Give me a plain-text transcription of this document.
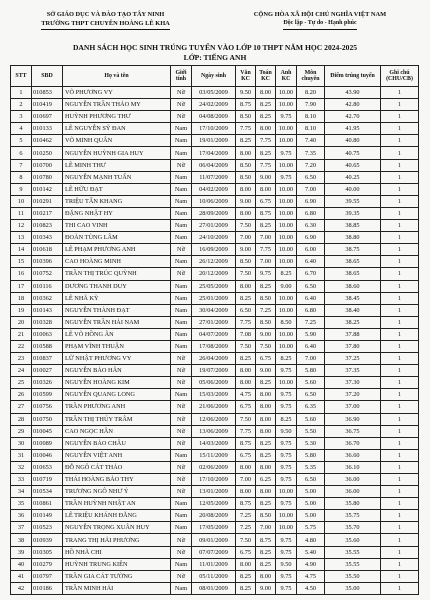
SỞ GIÁO DỤC VÀ ĐÀO TẠO TÂY NINH
TRƯỜNG THPT CHUYÊN HOÀNG LÊ KHA
CỘNG HÒA XÃ HỘI CHỦ NGHĨA VIỆT NAM
Độc lập - Tự do - Hạnh phúc
DANH SÁCH HỌC SINH TRÚNG TUYỂN VÀO LỚP 10 THPT NĂM HỌC 2024-2025
LỚP: TIẾNG ANH
STT	SBD	Họ và tên	Giới tính	Ngày sinh	Văn KC	Toán KC	Anh KC	Môn chuyên	Điểm trúng tuyển	Ghi chú (CHU/CB)
1	010853	VÕ PHƯƠNG VY	Nữ	03/05/2009	9.50	8.00	10.00	8.20	43.90	1
2	010419	NGUYỄN TRẦN THẢO MY	Nữ	24/02/2009	8.75	8.25	10.00	7.90	42.80	1
3	010697	HUỲNH PHƯƠNG THƯ	Nữ	04/08/2009	8.50	8.25	9.75	8.10	42.70	1
4	010133	LÊ NGUYỄN SỸ ĐAN	Nam	17/10/2009	7.75	8.00	10.00	8.10	41.95	1
5	010462	VÕ MINH QUÂN	Nam	19/01/2009	8.25	7.75	10.00	7.40	40.80	1
6	010250	NGUYỄN HUỲNH GIA HUY	Nam	17/04/2009	8.00	8.25	9.75	7.35	40.75	1
7	010700	LÊ MINH THƯ	Nữ	06/04/2009	8.50	7.75	10.00	7.20	40.65	1
8	010780	NGUYỄN MẠNH TUẤN	Nam	11/07/2009	8.50	9.00	9.75	6.50	40.25	1
9	010142	LÊ HỮU ĐẠT	Nam	04/02/2009	8.00	8.00	10.00	7.00	40.00	1
10	010291	TRIỆU TẤN KHANG	Nam	10/06/2009	9.00	6.75	10.00	6.90	39.55	1
11	010217	ĐẶNG NHẬT HY	Nam	28/09/2009	8.00	8.75	10.00	6.80	39.35	1
12	010823	THI CAO VINH	Nam	27/01/2009	7.50	8.25	10.00	6.30	38.85	1
13	010343	ĐOÀN TÙNG LÂM	Nam	24/10/2009	7.00	7.00	10.00	6.90	38.80	1
14	010618	LÊ PHẠM PHƯƠNG ANH	Nữ	16/09/2009	9.00	7.75	10.00	6.00	38.75	1
15	010396	CAO HOÀNG MINH	Nam	26/12/2009	8.50	7.00	10.00	6.40	38.65	1
16	010752	TRẦN THỊ TRÚC QUỲNH	Nữ	20/12/2009	7.50	9.75	8.25	6.70	38.65	1
17	010116	DƯƠNG THANH DUY	Nam	25/05/2009	8.00	8.25	9.00	6.50	38.60	1
18	010362	LÊ NHÃ KỲ	Nam	25/01/2009	8.25	8.50	10.00	6.40	38.45	1
19	010143	NGUYỄN THÀNH ĐẠT	Nam	30/04/2009	6.50	7.25	10.00	6.80	38.40	1
20	010328	NGUYỄN TRẦN HẢI NAM	Nam	27/01/2009	7.75	8.50	8.50	7.25	38.25	1
21	010063	LÊ VÕ HỒNG ÂN	Nam	04/07/2009	7.08	9.00	10.00	5.90	37.88	1
22	010588	PHẠM VĨNH THUẬN	Nam	17/08/2009	7.50	7.50	10.00	6.40	37.80	1
23	010837	LỮ NHẬT PHƯƠNG VY	Nữ	26/04/2009	8.25	6.75	8.25	7.00	37.25	1
24	010027	NGUYỄN BẢO HÂN	Nữ	19/07/2009	8.00	9.00	9.75	5.80	37.35	1
25	010326	NGUYỄN HOÀNG KIM	Nữ	05/06/2009	8.00	8.25	10.00	5.60	37.30	1
26	010599	NGUYỄN QUANG LONG	Nam	15/03/2009	4.75	8.00	9.75	6.50	37.20	1
27	010756	TRẦN PHƯƠNG ANH	Nữ	21/06/2009	6.75	8.00	9.75	6.35	37.00	1
28	010750	TRẦN THỊ THÚY TRÂM	Nữ	12/06/2009	7.50	8.00	8.25	5.60	36.90	1
29	010045	CAO NGỌC HÂN	Nữ	13/06/2009	7.75	8.00	9.50	5.50	36.75	1
30	010089	NGUYỄN BẢO CHÂU	Nữ	14/03/2009	8.75	8.25	9.75	5.30	36.70	1
31	010046	NGUYỄN VIỆT ANH	Nam	15/11/2009	6.75	8.25	9.75	5.80	36.60	1
32	010653	ĐỖ NGÔ CÁT THẢO	Nữ	02/06/2009	8.00	8.00	9.75	5.35	36.10	1
33	010719	THÁI HOÀNG BẢO THY	Nữ	17/10/2009	7.00	6.25	9.75	6.50	36.00	1
34	010534	TRƯƠNG NGÔ NHƯ Ý	Nữ	13/01/2009	8.00	8.00	10.00	5.00	36.00	1
35	010861	TRẦN HUỲNH NHẬT AN	Nam	12/05/2009	8.75	8.25	9.75	5.00	35.80	1
36	010149	LÊ TRIỆU KHÁNH ĐĂNG	Nam	20/08/2009	7.25	8.50	10.00	5.00	35.75	1
37	010523	NGUYỄN TRỌNG XUÂN HUY	Nam	17/05/2009	7.25	7.00	10.00	5.75	35.70	1
38	010939	TRANG THỊ HẢI PHƯƠNG	Nữ	09/01/2009	7.50	8.75	9.75	4.80	35.60	1
39	010305	HỒ NHÃ CHI	Nữ	07/07/2009	6.75	8.25	9.75	5.40	35.55	1
40	010279	HUỲNH TRUNG KIÊN	Nam	11/01/2009	8.00	8.25	9.50	4.90	35.55	1
41	010797	TRẦN GIA CÁT TƯỜNG	Nữ	05/11/2009	8.25	8.00	9.75	4.75	35.50	1
42	010186	TRẦN MINH HẢI	Nam	08/01/2009	8.25	9.00	9.75	4.50	35.00	1
